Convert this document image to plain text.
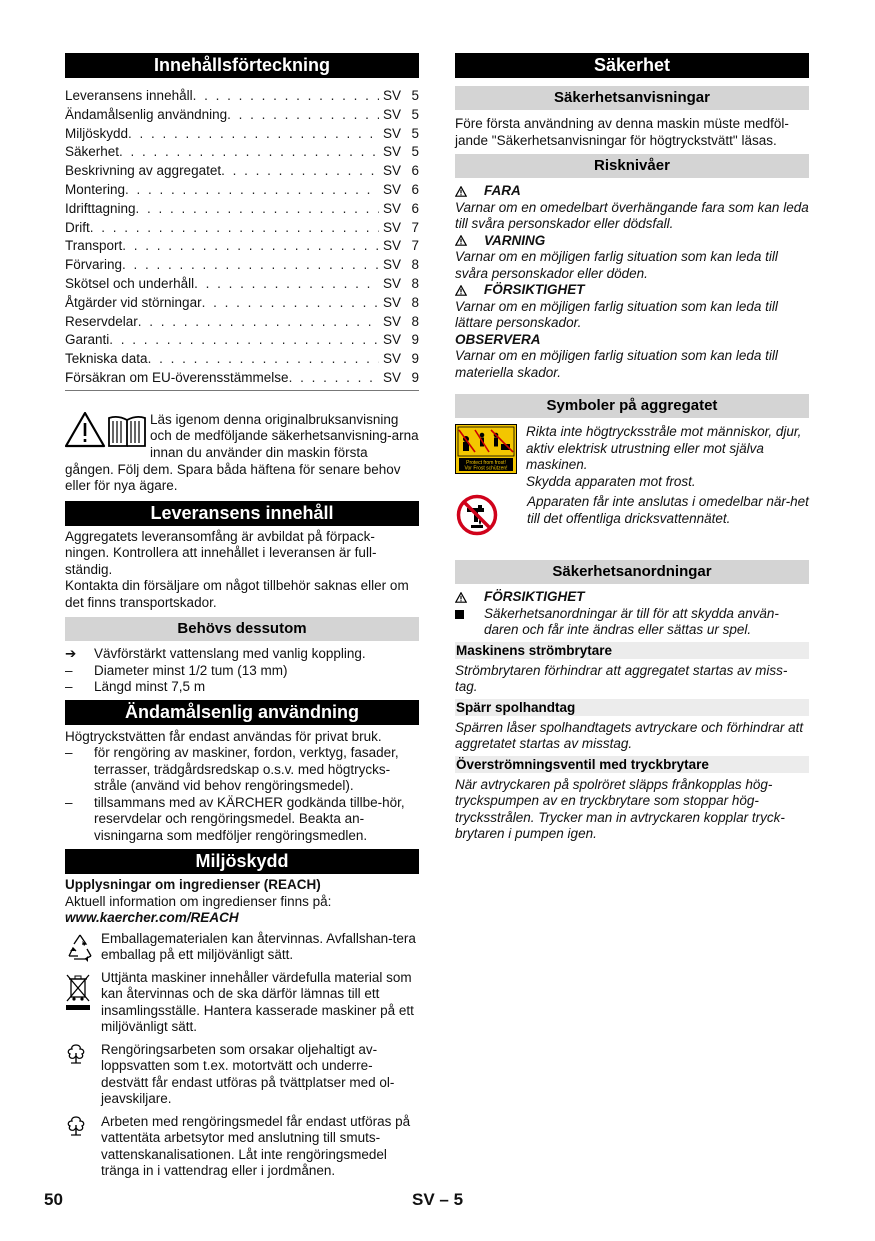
Innehållsförteckning
Leveransens innehåll . . .	SV 5
Ändamålsenlig användning . . .	SV 5
Miljöskydd . . .	SV 5
Säkerhet . . .	SV 5
Beskrivning av aggregatet . . .	SV 6
Montering . . .	SV 6
Idrifttagning . . .	SV 6
Drift . . .	SV 7
Transport . . .	SV 7
Förvaring . . .	SV 8
Skötsel och underhåll . . .	SV 8
Åtgärder vid störningar . . .	SV 8
Reservdelar . . .	SV 8
Garanti . . .	SV 9
Tekniska data . . .	SV 9
Försäkran om EU-överensstämmelse . . .	SV 9

Läs igenom denna originalbruksanvisning och de medföljande säkerhetsanvisning-arna innan du använder din maskin första

gången. Följ dem. Spara båda häftena för senare behov eller för nya ägare.

Leveransens innehåll

Aggregatets leveransomfång är avbildat på förpack-ningen. Kontrollera att innehållet i leveransen är full-ständig.

Kontakta din försäljare om något tillbehör saknas eller om det finns transportskador.

Behövs dessutom
➔	Vävförstärkt vattenslang med vanlig koppling.
–	Diameter minst 1/2 tum (13 mm)
–	Längd minst 7,5 m
Ändamålsenlig användning

Högtryckstvätten får endast användas för privat bruk.

–	för rengöring av maskiner, fordon, verktyg, fasader, terrasser, trädgårdsredskap o.s.v. med högtrycks-stråle (använd vid behov rengöringsmedel).
–	tillsammans med av KÄRCHER godkända tillbe-hör, reservdelar och rengöringsmedel. Beakta an-visningarna som medföljer rengöringsmedlen.
Miljöskydd

Upplysningar om ingredienser (REACH)

Aktuell information om ingredienser finns på:

www.kaercher.com/REACH

Emballagematerialen kan återvinnas. Avfallshan-tera emballag på ett miljövänligt sätt.
Uttjänta maskiner innehåller värdefulla material som kan återvinnas och de ska därför lämnas till ett insamlingsställe. Hantera kasserade maskiner på ett miljövänligt sätt.
Rengöringsarbeten som orsakar oljehaltigt av-loppsvatten som t.ex. motortvätt och underre-destvätt får endast utföras på tvättplatser med ol-jeavskiljare.
Arbeten med rengöringsmedel får endast utföras på vattentäta arbetsytor med anslutning till smuts-vattenskanalisationen. Låt inte rengöringsmedel tränga in i vattendrag eller i jordmånen.
Säkerhet
Säkerhetsanvisningar

Före första användning av denna maskin müste medföl-jande "Säkerhetsanvisningar för högtryckstvätt" läsas.

Risknivåer
FARA

Varnar om en omedelbart överhängande fara som kan leda till svåra personskador eller dödsfall.

VARNING

Varnar om en möjligen farlig situation som kan leda till svåra personskador eller döden.

FÖRSIKTIGHET

Varnar om en möjligen farlig situation som kan leda till lättare personskador.

OBSERVERA

Varnar om en möjligen farlig situation som kan leda till materiella skador.

Symboler på aggregatet
Protect from frost!
Vor Frost schützen!

Rikta inte högtrycksstråle mot människor, djur, aktiv elektrisk utrustning eller mot själva maskinen.

Skydda apparaten mot frost.

Apparaten får inte anslutas i omedelbar när-het till det offentliga dricksvattennätet.

Säkerhetsanordningar
FÖRSIKTIGHET
Säkerhetsanordningar är till för att skydda använ-daren och får inte ändras eller sättas ur spel.
Maskinens strömbrytare

Strömbrytaren förhindrar att aggregatet startas av miss-tag.

Spärr spolhandtag

Spärren låser spolhandtagets avtryckare och förhindrar att aggretatet startas av misstag.

Överströmningsventil med tryckbrytare

När avtryckaren på spolröret släpps frånkopplas hög-tryckspumpen av en tryckbrytare som stoppar hög-trycksstrålen. Trycker man in avtryckaren kopplar tryck-brytaren i pumpen igen.

50	SV – 5
